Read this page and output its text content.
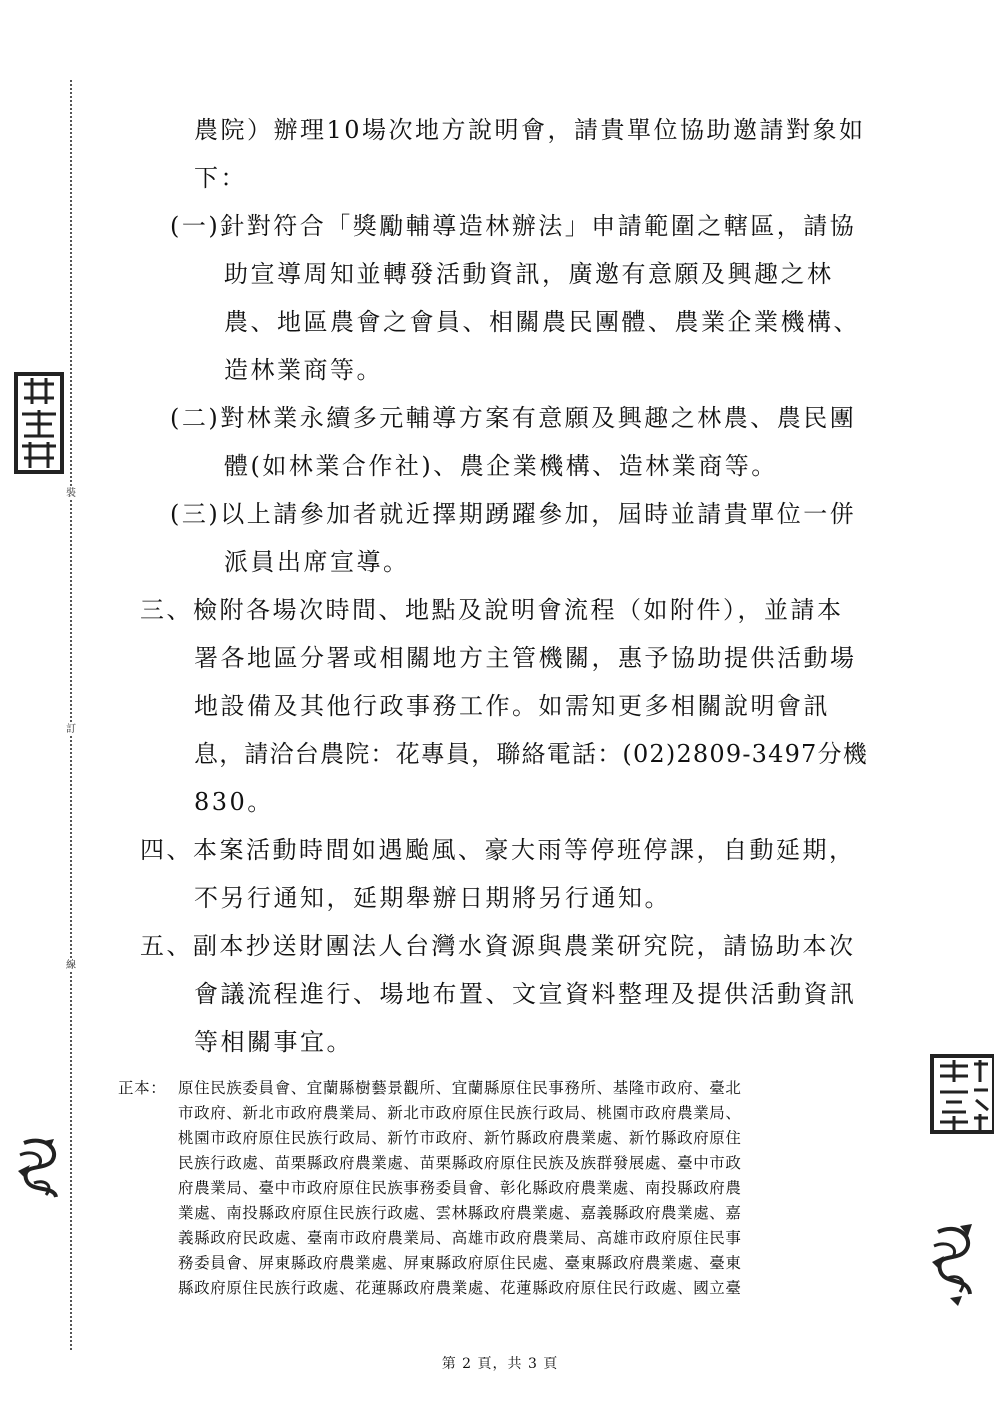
裝
訂
線
農院）辦理10場次地方說明會，請貴單位協助邀請對象如
下：
(一)針對符合「獎勵輔導造林辦法」申請範圍之轄區，請協
助宣導周知並轉發活動資訊，廣邀有意願及興趣之林
農、地區農會之會員、相關農民團體、農業企業機構、
造林業商等。
(二)對林業永續多元輔導方案有意願及興趣之林農、農民團
體(如林業合作社)、農企業機構、造林業商等。
(三)以上請參加者就近擇期踴躍參加，屆時並請貴單位一併
派員出席宣導。
三、檢附各場次時間、地點及說明會流程（如附件），並請本
署各地區分署或相關地方主管機關，惠予協助提供活動場
地設備及其他行政事務工作。如需知更多相關說明會訊
息，請洽台農院：花專員，聯絡電話：(02)2809-3497分機
830。
四、本案活動時間如遇颱風、豪大雨等停班停課，自動延期，
不另行通知，延期舉辦日期將另行通知。
五、副本抄送財團法人台灣水資源與農業研究院，請協助本次
會議流程進行、場地布置、文宣資料整理及提供活動資訊
等相關事宜。
正本： 原住民族委員會、宜蘭縣樹藝景觀所、宜蘭縣原住民事務所、基隆市政府、臺北
市政府、新北市政府農業局、新北市政府原住民族行政局、桃園市政府農業局、
桃園市政府原住民族行政局、新竹市政府、新竹縣政府農業處、新竹縣政府原住
民族行政處、苗栗縣政府農業處、苗栗縣政府原住民族及族群發展處、臺中市政
府農業局、臺中市政府原住民族事務委員會、彰化縣政府農業處、南投縣政府農
業處、南投縣政府原住民族行政處、雲林縣政府農業處、嘉義縣政府農業處、嘉
義縣政府民政處、臺南市政府農業局、高雄市政府農業局、高雄市政府原住民事
務委員會、屏東縣政府農業處、屏東縣政府原住民處、臺東縣政府農業處、臺東
縣政府原住民族行政處、花蓮縣政府農業處、花蓮縣政府原住民行政處、國立臺
第 2 頁，共 3 頁
